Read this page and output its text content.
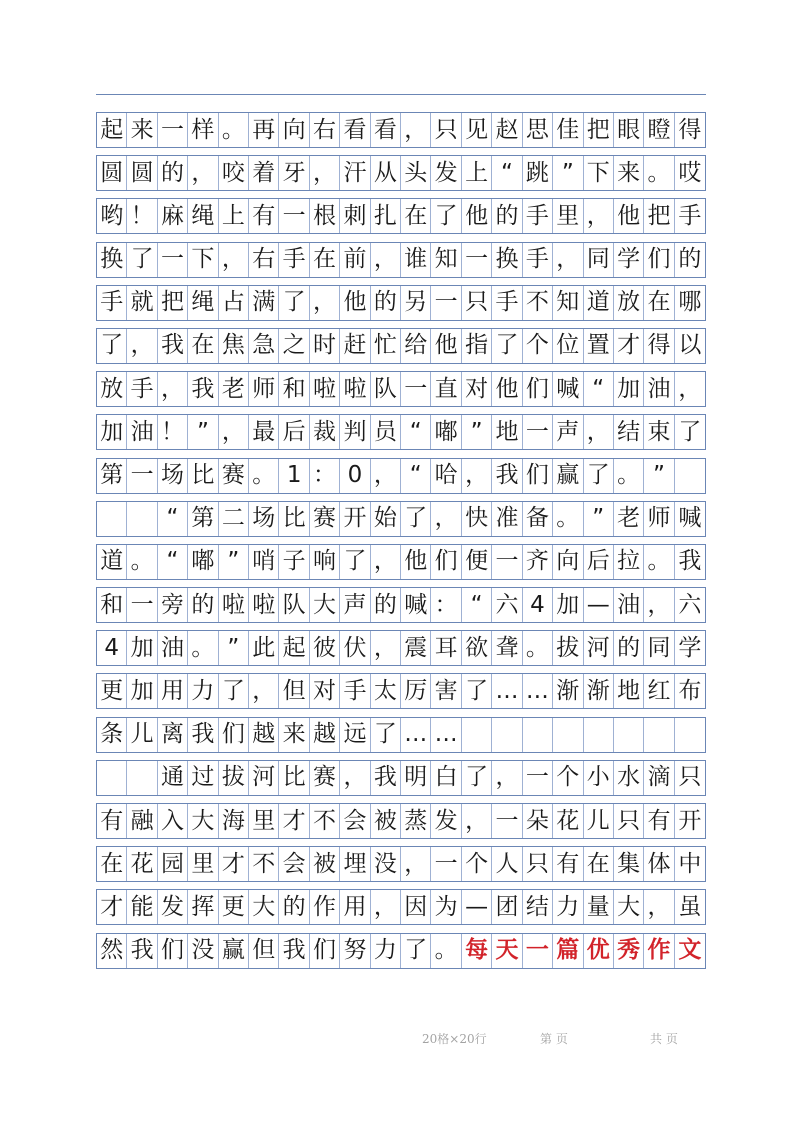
起 来 一 样 。 再 向 右 看 看 ， 只 见 赵 思 佳 把 眼 瞪 得
圆 圆 的 ， 咬 着 牙 ， 汗 从 头 发 上 “ 跳 ” 下 来 。 哎
哟 ！ 麻 绳 上 有 一 根 刺 扎 在 了 他 的 手 里 ， 他 把 手
换 了 一 下 ， 右 手 在 前 ， 谁 知 一 换 手 ， 同 学 们 的
手 就 把 绳 占 满 了 ， 他 的 另 一 只 手 不 知 道 放 在 哪
了 ， 我 在 焦 急 之 时 赶 忙 给 他 指 了 个 位 置 才 得 以
放 手 ， 我 老 师 和 啦 啦 队 一 直 对 他 们 喊 “ 加 油 ，
加 油 ！ ” ， 最 后 裁 判 员 “ 嘟 ” 地 一 声 ， 结 束 了
第 一 场 比 赛 。 1 ： 0 ， “ 哈 ， 我 们 赢 了 。 ”
“ 第 二 场 比 赛 开 始 了 ， 快 准 备 。 ” 老 师 喊
道 。 “ 嘟 ” 哨 子 响 了 ， 他 们 便 一 齐 向 后 拉 。 我
和 一 旁 的 啦 啦 队 大 声 的 喊 ： “ 六 4 加 — 油 ， 六
4 加 油 。 ” 此 起 彼 伏 ， 震 耳 欲 聋 。 拔 河 的 同 学
更 加 用 力 了 ， 但 对 手 太 厉 害 了 … … 渐 渐 地 红 布
条 儿 离 我 们 越 来 越 远 了 … …
通 过 拔 河 比 赛 ， 我 明 白 了 ， 一 个 小 水 滴 只
有 融 入 大 海 里 才 不 会 被 蒸 发 ， 一 朵 花 儿 只 有 开
在 花 园 里 才 不 会 被 埋 没 ， 一 个 人 只 有 在 集 体 中
才 能 发 挥 更 大 的 作 用 ， 因 为 — 团 结 力 量 大 ， 虽
然 我 们 没 赢 但 我 们 努 力 了 。 每 天 一 篇 优 秀 作 文
20格×20行	第 页	共 页
